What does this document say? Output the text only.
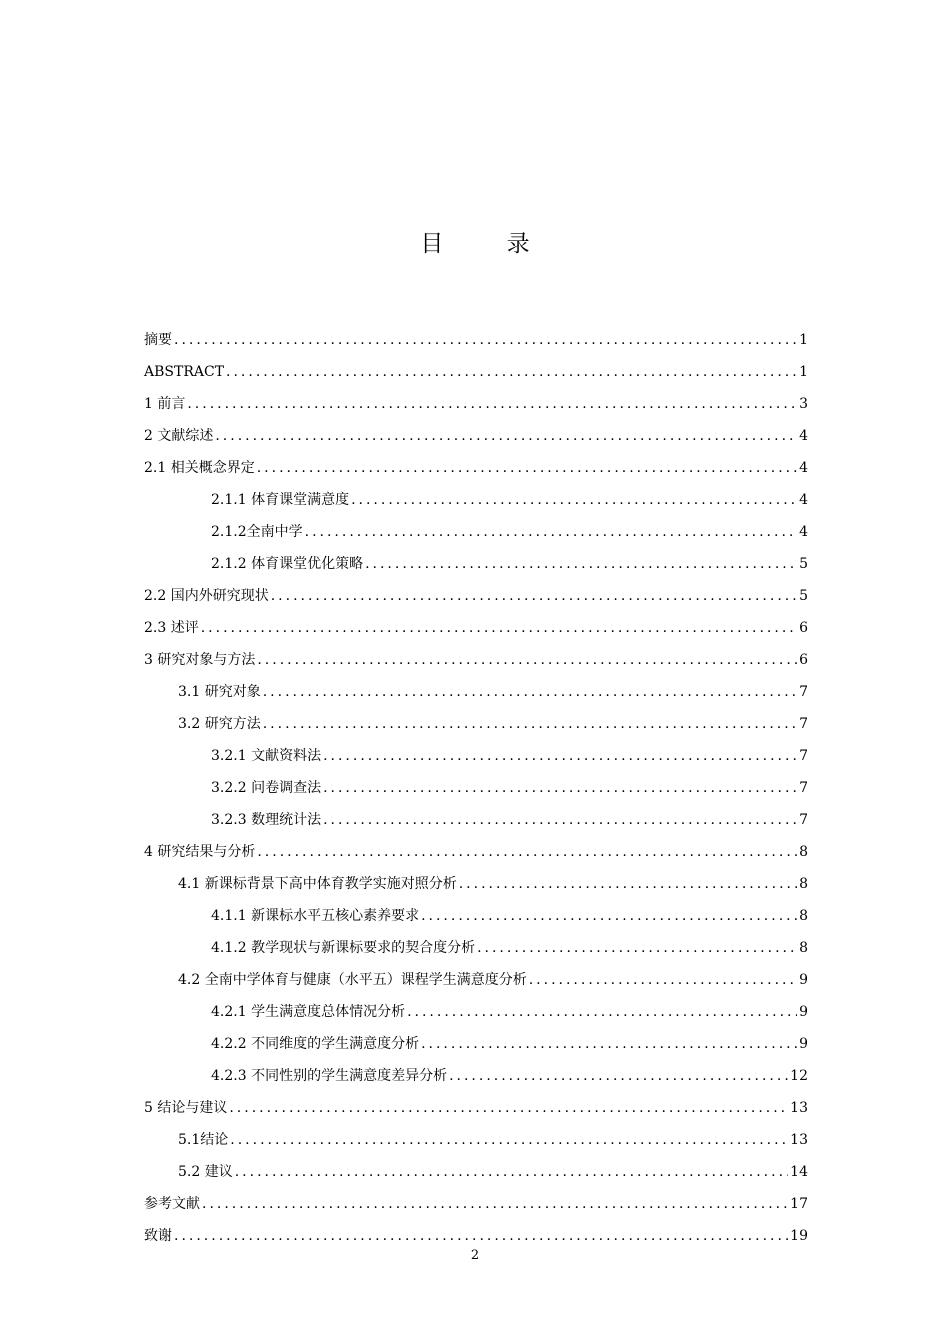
目 录
摘要 .....	1
ABSTRACT .....	1
1 前言 .....	3
2 文献综述 .....	4
2.1 相关概念界定 .....	4
2.1.1 体育课堂满意度 .....	4
2.1.2全南中学 .....	4
2.1.2 体育课堂优化策略 .....	5
2.2 国内外研究现状 .....	5
2.3 述评 .....	6
3 研究对象与方法 .....	6
3.1 研究对象 .....	7
3.2 研究方法 .....	7
3.2.1 文献资料法 .....	7
3.2.2 问卷调查法 .....	7
3.2.3 数理统计法 .....	7
4 研究结果与分析 .....	8
4.1 新课标背景下高中体育教学实施对照分析 .....	8
4.1.1 新课标水平五核心素养要求 .....	8
4.1.2 教学现状与新课标要求的契合度分析 .....	8
4.2 全南中学体育与健康（水平五）课程学生满意度分析 .....	9
4.2.1 学生满意度总体情况分析 .....	9
4.2.2 不同维度的学生满意度分析 .....	9
4.2.3 不同性别的学生满意度差异分析 .....	12
5 结论与建议 .....	13
5.1结论 .....	13
5.2 建议 .....	14
参考文献 .....	17
致谢 .....	19
2
